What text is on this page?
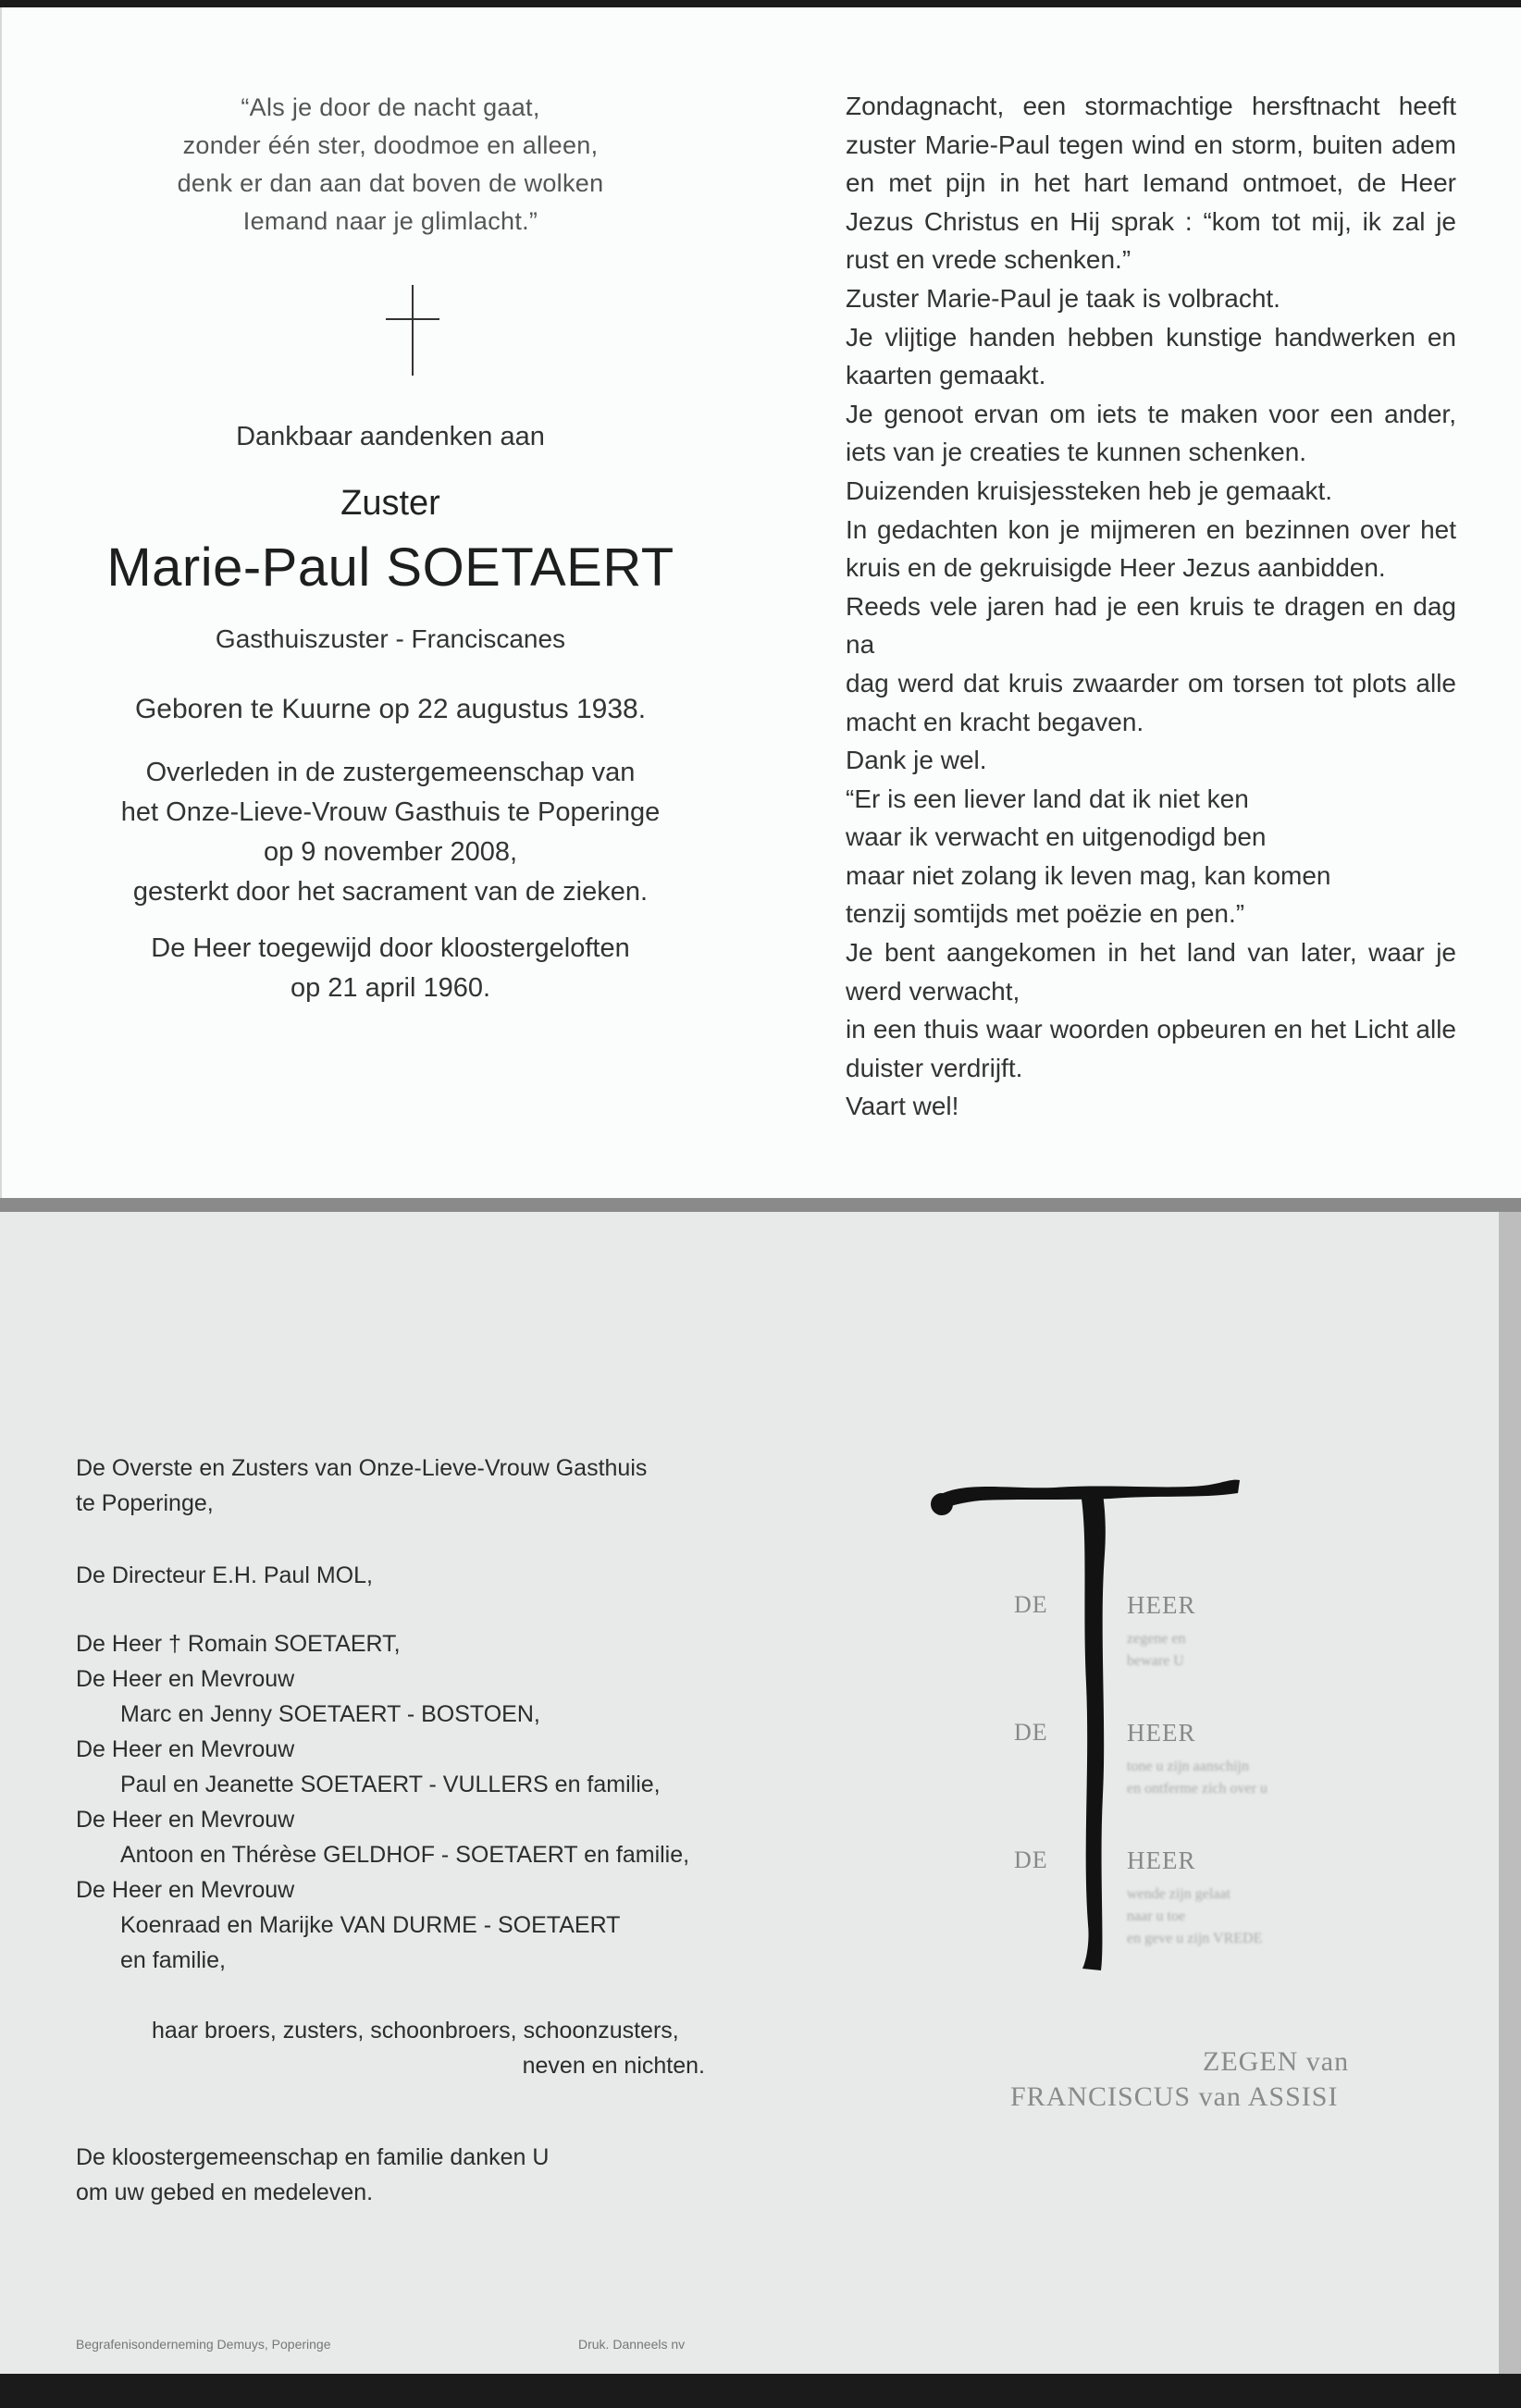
“Als je door de nacht gaat,

zonder één ster, doodmoe en alleen,

denk er dan aan dat boven de wolken

Iemand naar je glimlacht.”

Dankbaar aandenken aan

Zuster

Marie-Paul SOETAERT

Gasthuiszuster - Franciscanes

Geboren te Kuurne op 22 augustus 1938.

Overleden in de zustergemeenschap van

het Onze-Lieve-Vrouw Gasthuis te Poperinge

op 9 november 2008,

gesterkt door het sacrament van de zieken.

De Heer toegewijd door kloostergeloften

op 21 april 1960.

Zondagnacht, een stormachtige hersftnacht heeft

zuster Marie-Paul tegen wind en storm, buiten adem

en met pijn in het hart Iemand ontmoet, de Heer

Jezus Christus en Hij sprak : “kom tot mij, ik zal je

rust en vrede schenken.”

Zuster Marie-Paul je taak is volbracht.

Je vlijtige handen hebben kunstige handwerken en

kaarten gemaakt.

Je genoot ervan om iets te maken voor een ander,

iets van je creaties te kunnen schenken.

Duizenden kruisjessteken heb je gemaakt.

In gedachten kon je mijmeren en bezinnen over het

kruis en de gekruisigde Heer Jezus aanbidden.

Reeds vele jaren had je een kruis te dragen en dag na

dag werd dat kruis zwaarder om torsen tot plots alle

macht en kracht begaven.

Dank je wel.

“Er is een liever land dat ik niet ken

waar ik verwacht en uitgenodigd ben

maar niet zolang ik leven mag, kan komen

tenzij somtijds met poëzie en pen.”

Je bent aangekomen in het land van later, waar je

werd verwacht,

in een thuis waar woorden opbeuren en het Licht alle

duister verdrijft.

Vaart wel!

De Overste en Zusters van Onze-Lieve-Vrouw Gasthuis

te Poperinge,

De Directeur E.H. Paul MOL,

De Heer † Romain SOETAERT,

De Heer en Mevrouw

Marc en Jenny SOETAERT - BOSTOEN,

De Heer en Mevrouw

Paul en Jeanette SOETAERT - VULLERS en familie,

De Heer en Mevrouw

Antoon en Thérèse GELDHOF - SOETAERT en familie,

De Heer en Mevrouw

Koenraad en Marijke VAN DURME - SOETAERT

en familie,

haar broers, zusters, schoonbroers, schoonzusters,

neven en nichten.

De kloostergemeenschap en familie danken U

om uw gebed en medeleven.

DE
DE
DE
HEER
HEER
HEER
zegene en
beware U
tone u zijn aanschijn
en ontferme zich over u
wende zijn gelaat
naar u toe
en geve u zijn VREDE
ZEGEN van
FRANCISCUS van ASSISI
Begrafenisonderneming Demuys, Poperinge	Druk. Danneels nv
